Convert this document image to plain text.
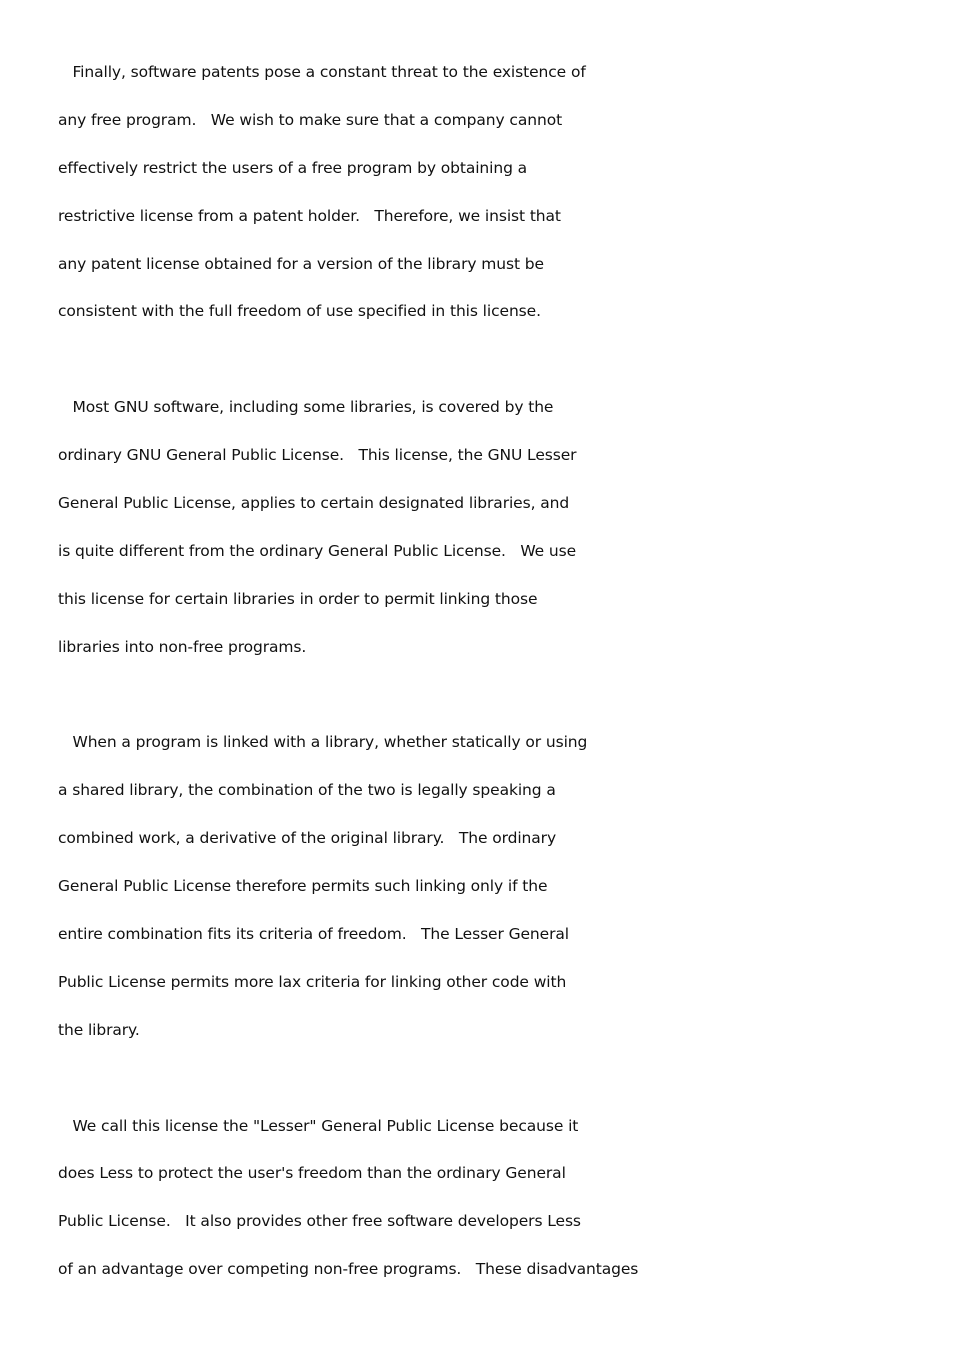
Finally, software patents pose a constant threat to the existence of
any free program.   We wish to make sure that a company cannot
effectively restrict the users of a free program by obtaining a
restrictive license from a patent holder.   Therefore, we insist that
any patent license obtained for a version of the library must be
consistent with the full freedom of use specified in this license.
Most GNU software, including some libraries, is covered by the
ordinary GNU General Public License.   This license, the GNU Lesser
General Public License, applies to certain designated libraries, and
is quite different from the ordinary General Public License.   We use
this license for certain libraries in order to permit linking those
libraries into non-free programs.
When a program is linked with a library, whether statically or using
a shared library, the combination of the two is legally speaking a
combined work, a derivative of the original library.   The ordinary
General Public License therefore permits such linking only if the
entire combination fits its criteria of freedom.   The Lesser General
Public License permits more lax criteria for linking other code with
the library.
We call this license the "Lesser" General Public License because it
does Less to protect the user's freedom than the ordinary General
Public License.   It also provides other free software developers Less
of an advantage over competing non-free programs.   These disadvantages
